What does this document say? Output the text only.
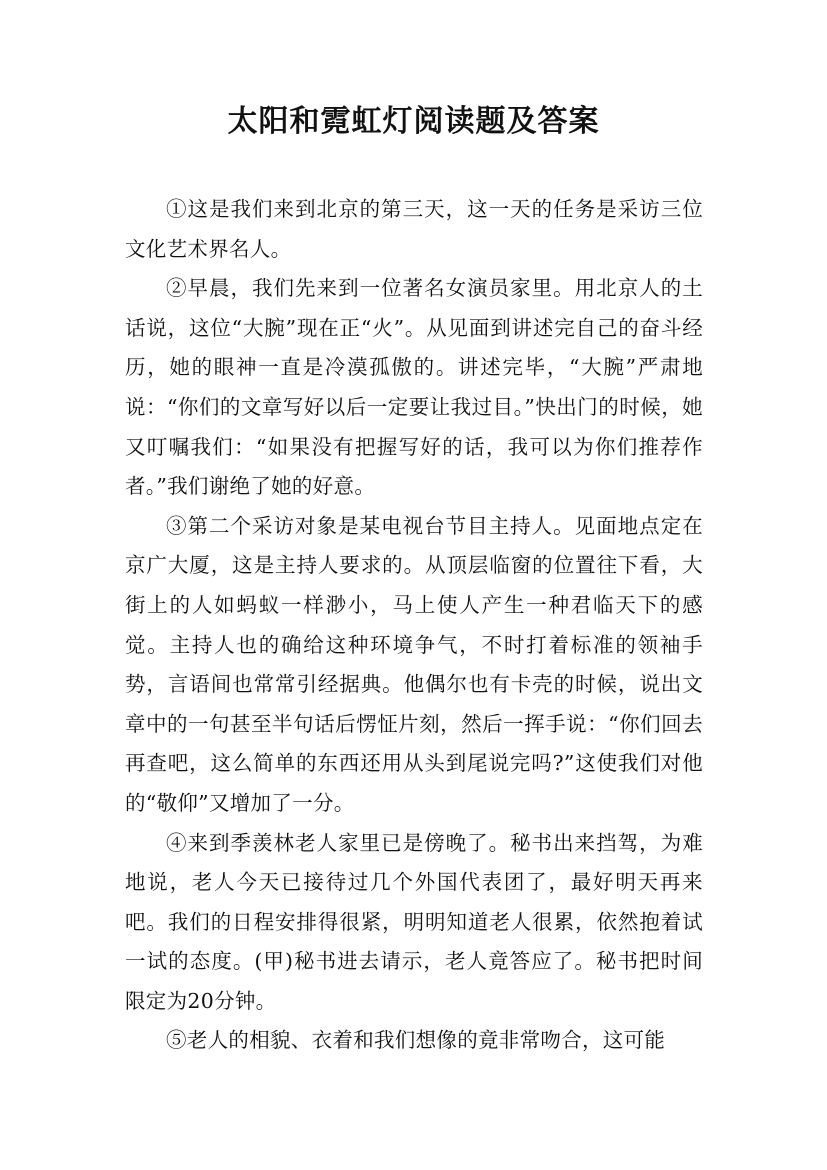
太阳和霓虹灯阅读题及答案

①这是我们来到北京的第三天，这一天的任务是采访三位文化艺术界名人。

②早晨，我们先来到一位著名女演员家里。用北京人的土话说，这位“大腕”现在正“火”。从见面到讲述完自己的奋斗经历，她的眼神一直是冷漠孤傲的。讲述完毕，“大腕”严肃地说：“你们的文章写好以后一定要让我过目。”快出门的时候，她又叮嘱我们：“如果没有把握写好的话，我可以为你们推荐作者。”我们谢绝了她的好意。

③第二个采访对象是某电视台节目主持人。见面地点定在京广大厦，这是主持人要求的。从顶层临窗的位置往下看，大街上的人如蚂蚁一样渺小，马上使人产生一种君临天下的感觉。主持人也的确给这种环境争气，不时打着标准的领袖手势，言语间也常常引经据典。他偶尔也有卡壳的时候，说出文章中的一句甚至半句话后愣怔片刻，然后一挥手说：“你们回去再查吧，这么简单的东西还用从头到尾说完吗?”这使我们对他的“敬仰”又增加了一分。

④来到季羡林老人家里已是傍晚了。秘书出来挡驾，为难地说，老人今天已接待过几个外国代表团了，最好明天再来吧。我们的日程安排得很紧，明明知道老人很累，依然抱着试一试的态度。(甲)秘书进去请示，老人竟答应了。秘书把时间限定为20分钟。

⑤老人的相貌、衣着和我们想像的竟非常吻合，这可能
